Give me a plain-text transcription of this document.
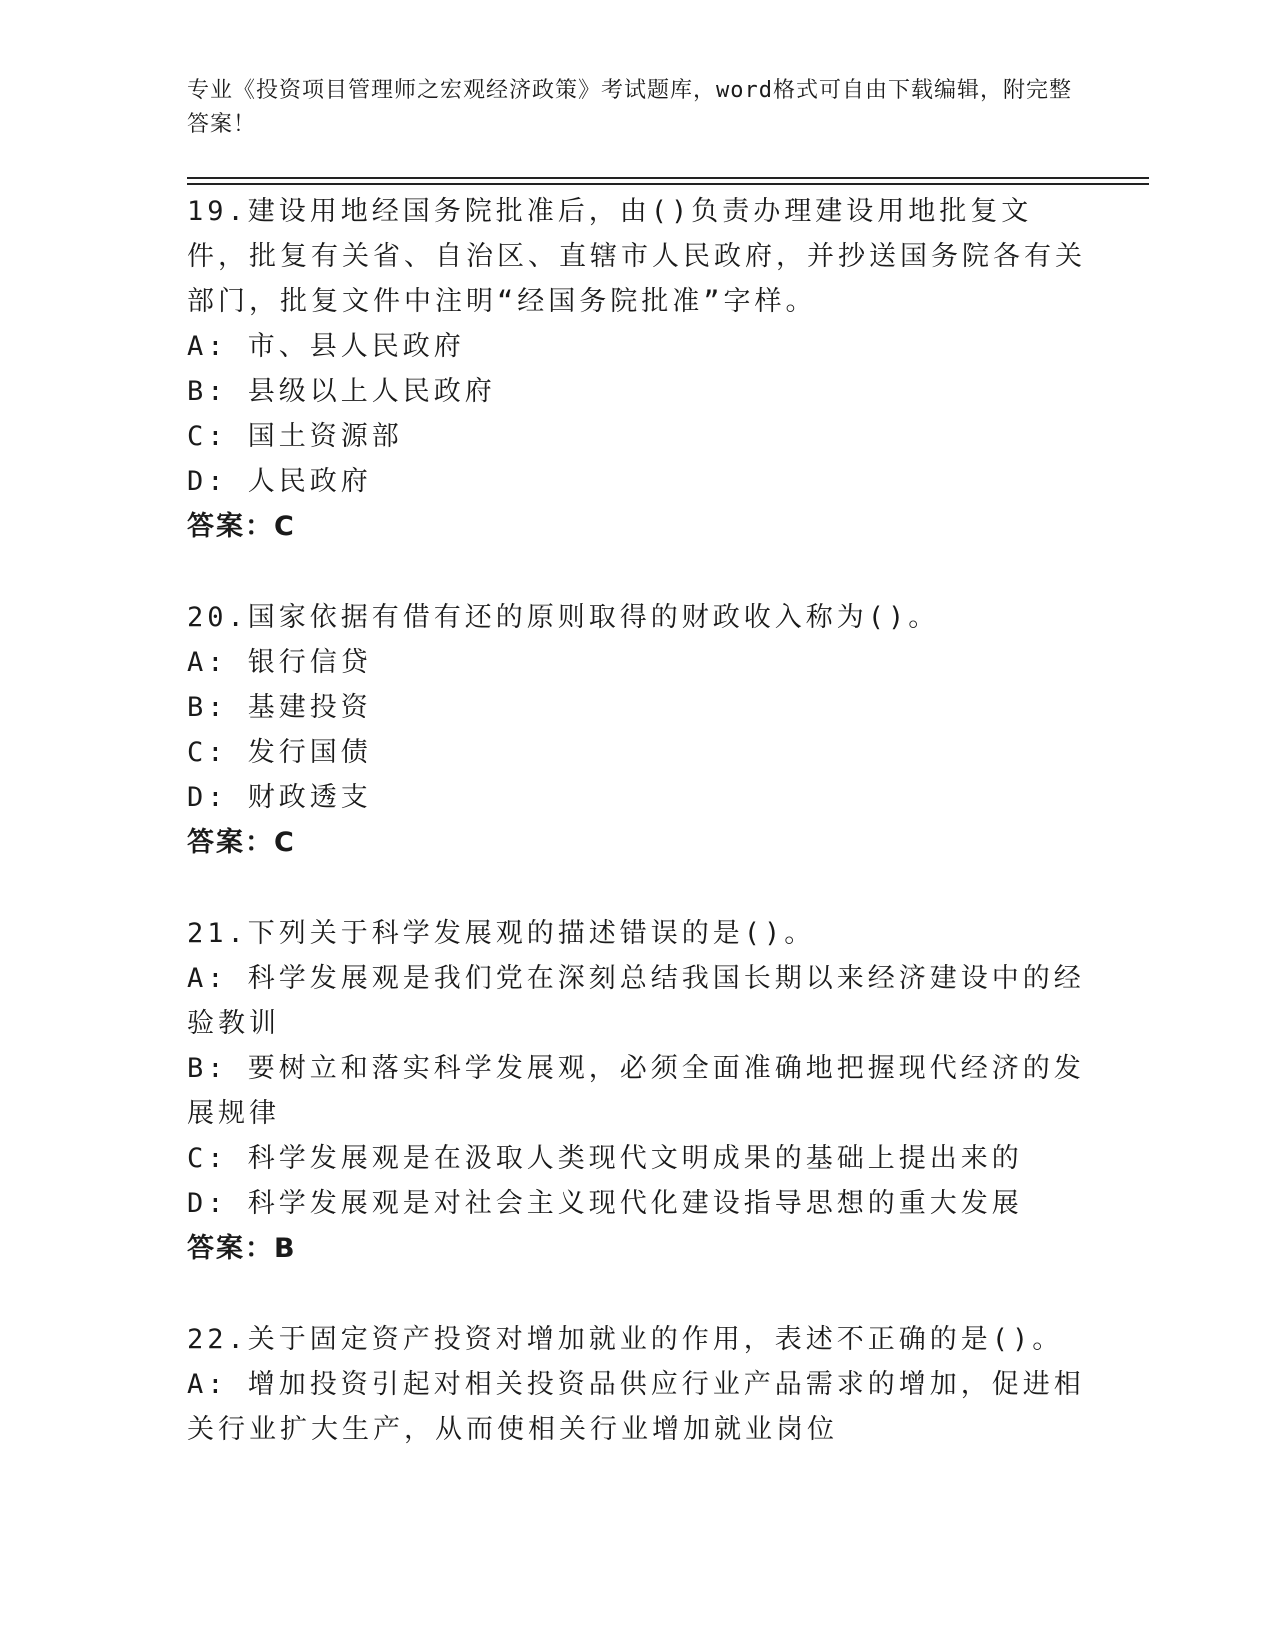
专业《投资项目管理师之宏观经济政策》考试题库，word格式可自由下载编辑，附完整答案！
19.建设用地经国务院批准后，由()负责办理建设用地批复文件，批复有关省、自治区、直辖市人民政府，并抄送国务院各有关部门，批复文件中注明“经国务院批准”字样。
A: 市、县人民政府
B: 县级以上人民政府
C: 国土资源部
D: 人民政府
答案：C
20.国家依据有借有还的原则取得的财政收入称为()。
A: 银行信贷
B: 基建投资
C: 发行国债
D: 财政透支
答案：C
21.下列关于科学发展观的描述错误的是()。
A: 科学发展观是我们党在深刻总结我国长期以来经济建设中的经验教训
B: 要树立和落实科学发展观，必须全面准确地把握现代经济的发展规律
C: 科学发展观是在汲取人类现代文明成果的基础上提出来的
D: 科学发展观是对社会主义现代化建设指导思想的重大发展
答案：B
22.关于固定资产投资对增加就业的作用，表述不正确的是()。
A: 增加投资引起对相关投资品供应行业产品需求的增加，促进相关行业扩大生产，从而使相关行业增加就业岗位
